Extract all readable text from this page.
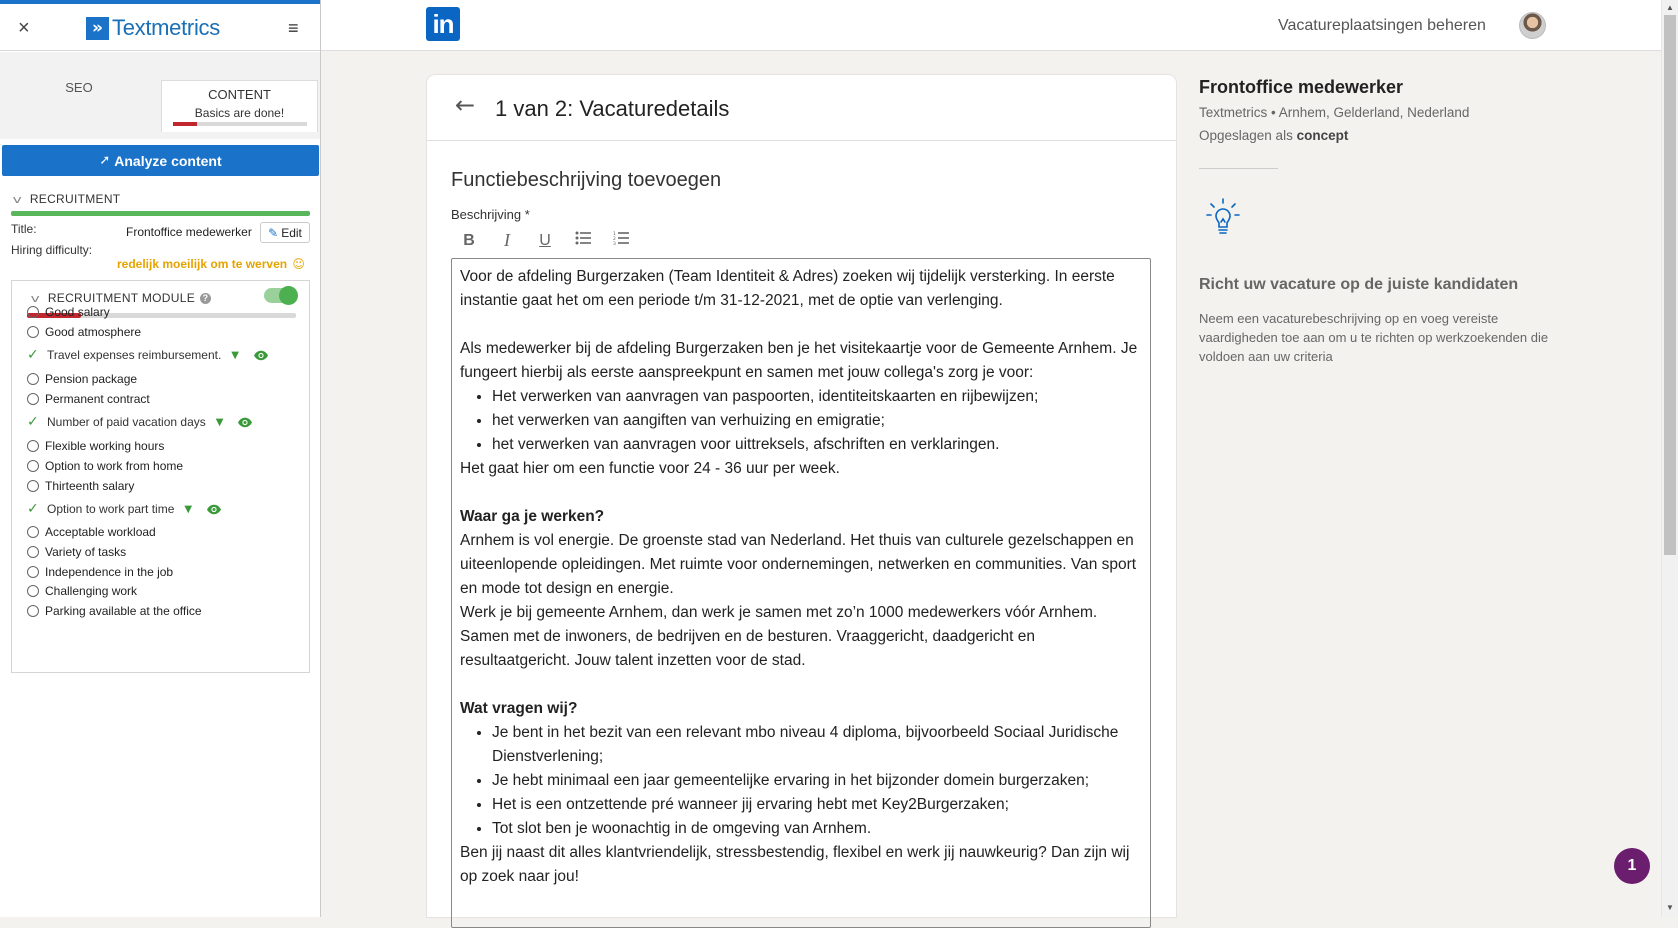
×	» Textmetrics	≡
SEO	CONTENT
Basics are done!
➚ Analyze content
v RECRUITMENT
Title:	Frontoffice medewerker ✎ Edit
Hiring difficulty:
redelijk moeilijk om te werven ☺
v RECRUITMENT MODULE ?
Good salary
Good atmosphere
✓ Travel expenses reimbursement. ▼
Pension package
Permanent contract
✓ Number of paid vacation days ▼
Flexible working hours
Option to work from home
Thirteenth salary
✓ Option to work part time ▼
Acceptable workload
Variety of tasks
Independence in the job
Challenging work
Parking available at the office
in	Vacatureplaatsingen beheren
← 1 van 2: Vacaturedetails
Functiebeschrijving toevoegen
Beschrijving *
B	I	U	1
2
3

Voor de afdeling Burgerzaken (Team Identiteit & Adres) zoeken wij tijdelijk versterking. In eerste instantie gaat het om een periode t/m 31-12-2021, met de optie van verlenging.

Als medewerker bij de afdeling Burgerzaken ben je het visitekaartje voor de Gemeente Arnhem. Je fungeert hierbij als eerste aanspreekpunt en samen met jouw collega's zorg je voor:

• Het verwerken van aanvragen van paspoorten, identiteitskaarten en rijbewijzen;
• het verwerken van aangiften van verhuizing en emigratie;
• het verwerken van aanvragen voor uittreksels, afschriften en verklaringen.

Het gaat hier om een functie voor 24 - 36 uur per week.

Waar ga je werken?

Arnhem is vol energie. De groenste stad van Nederland. Het thuis van culturele gezelschappen en uiteenlopende opleidingen. Met ruimte voor ondernemingen, netwerken en communities. Van sport en mode tot design en energie.

Werk je bij gemeente Arnhem, dan werk je samen met zo’n 1000 medewerkers vóór Arnhem. Samen met de inwoners, de bedrijven en de besturen. Vraaggericht, daadgericht en resultaatgericht. Jouw talent inzetten voor de stad.

Wat vragen wij?
• Je bent in het bezit van een relevant mbo niveau 4 diploma, bijvoorbeeld Sociaal Juridische Dienstverlening;
• Je hebt minimaal een jaar gemeentelijke ervaring in het bijzonder domein burgerzaken;
• Het is een ontzettende pré wanneer jij ervaring hebt met Key2Burgerzaken;
• Tot slot ben je woonachtig in de omgeving van Arnhem.

Ben jij naast dit alles klantvriendelijk, stressbestendig, flexibel en werk jij nauwkeurig? Dan zijn wij op zoek naar jou!

Frontoffice medewerker
Textmetrics • Arnhem, Gelderland, Nederland
Opgeslagen als concept
Richt uw vacature op de juiste kandidaten

Neem een vacaturebeschrijving op en voeg vereiste vaardigheden toe aan om u te richten op werkzoekenden die voldoen aan uw criteria

▲
▼
1
